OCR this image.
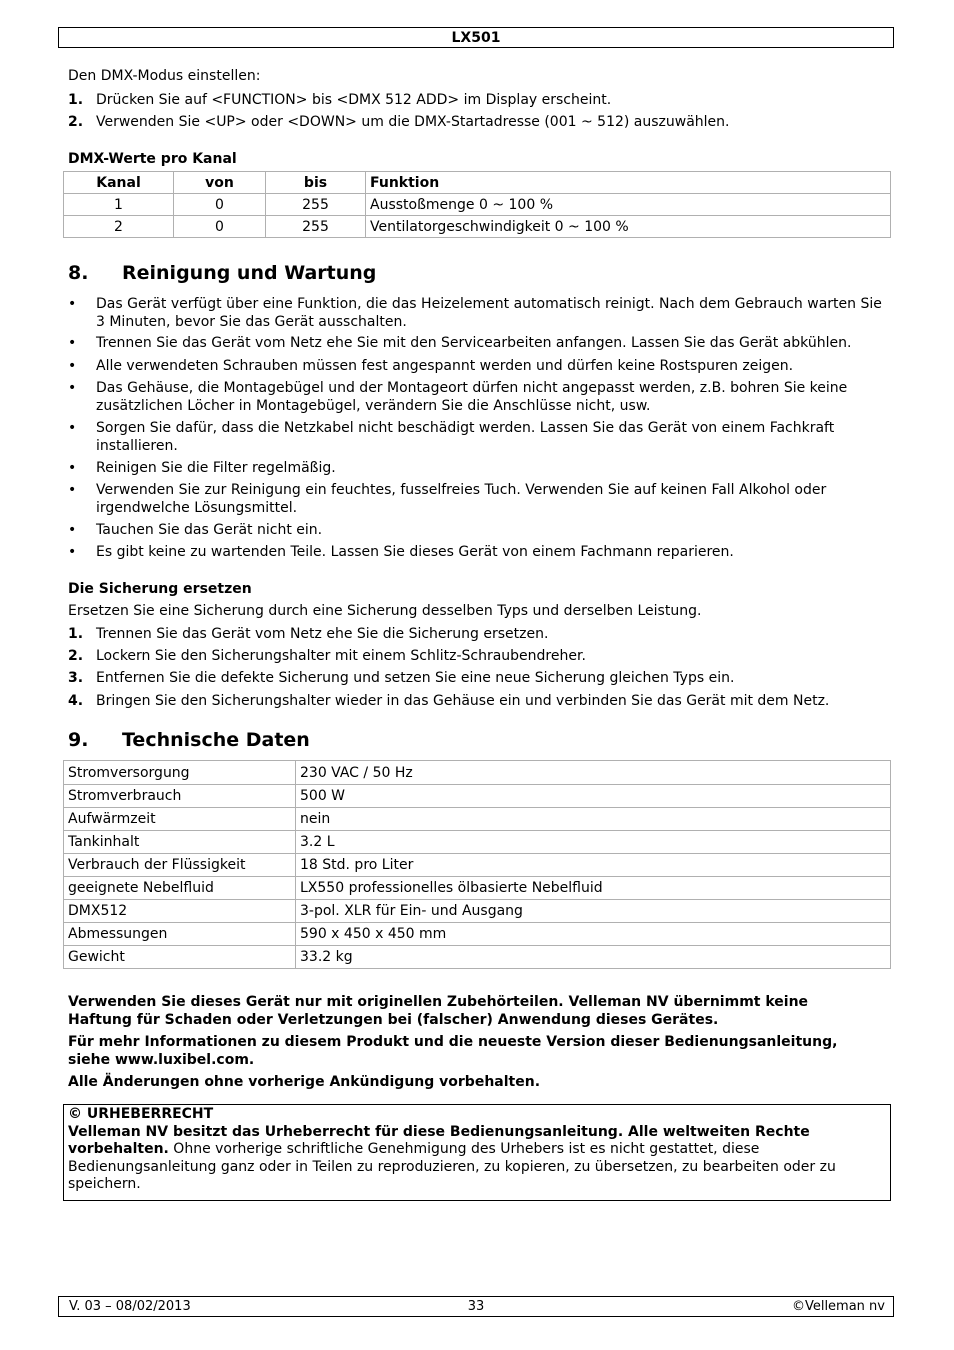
LX501
Den DMX-Modus einstellen:
1. Drücken Sie auf <FUNCTION> bis <DMX 512 ADD> im Display erscheint.
2. Verwenden Sie <UP> oder <DOWN> um die DMX-Startadresse (001 ~ 512) auszuwählen.
DMX-Werte pro Kanal
Kanal	von	bis	Funktion
1	0	255	Ausstoßmenge 0 ~ 100 %
2	0	255	Ventilatorgeschwindigkeit 0 ~ 100 %
8. Reinigung und Wartung
• Das Gerät verfügt über eine Funktion, die das Heizelement automatisch reinigt. Nach dem Gebrauch warten Sie 3 Minuten, bevor Sie das Gerät ausschalten.
• Trennen Sie das Gerät vom Netz ehe Sie mit den Servicearbeiten anfangen. Lassen Sie das Gerät abkühlen.
• Alle verwendeten Schrauben müssen fest angespannt werden und dürfen keine Rostspuren zeigen.
• Das Gehäuse, die Montagebügel und der Montageort dürfen nicht angepasst werden, z.B. bohren Sie keine zusätzlichen Löcher in Montagebügel, verändern Sie die Anschlüsse nicht, usw.
• Sorgen Sie dafür, dass die Netzkabel nicht beschädigt werden. Lassen Sie das Gerät von einem Fachkraft installieren.
• Reinigen Sie die Filter regelmäßig.
• Verwenden Sie zur Reinigung ein feuchtes, fusselfreies Tuch. Verwenden Sie auf keinen Fall Alkohol oder irgendwelche Lösungsmittel.
• Tauchen Sie das Gerät nicht ein.
• Es gibt keine zu wartenden Teile. Lassen Sie dieses Gerät von einem Fachmann reparieren.
Die Sicherung ersetzen
Ersetzen Sie eine Sicherung durch eine Sicherung desselben Typs und derselben Leistung.
1. Trennen Sie das Gerät vom Netz ehe Sie die Sicherung ersetzen.
2. Lockern Sie den Sicherungshalter mit einem Schlitz-Schraubendreher.
3. Entfernen Sie die defekte Sicherung und setzen Sie eine neue Sicherung gleichen Typs ein.
4. Bringen Sie den Sicherungshalter wieder in das Gehäuse ein und verbinden Sie das Gerät mit dem Netz.
9. Technische Daten
Stromversorgung	230 VAC / 50 Hz
Stromverbrauch	500 W
Aufwärmzeit	nein
Tankinhalt	3.2 L
Verbrauch der Flüssigkeit	18 Std. pro Liter
geeignete Nebelfluid	LX550 professionelles ölbasierte Nebelfluid
DMX512	3-pol. XLR für Ein- und Ausgang
Abmessungen	590 x 450 x 450 mm
Gewicht	33.2 kg
Verwenden Sie dieses Gerät nur mit originellen Zubehörteilen. Velleman NV übernimmt keine Haftung für Schaden oder Verletzungen bei (falscher) Anwendung dieses Gerätes.
Für mehr Informationen zu diesem Produkt und die neueste Version dieser Bedienungsanleitung, siehe www.luxibel.com.
Alle Änderungen ohne vorherige Ankündigung vorbehalten.
© URHEBERRECHT
Velleman NV besitzt das Urheberrecht für diese Bedienungsanleitung. Alle weltweiten Rechte vorbehalten. Ohne vorherige schriftliche Genehmigung des Urhebers ist es nicht gestattet, diese Bedienungsanleitung ganz oder in Teilen zu reproduzieren, zu kopieren, zu übersetzen, zu bearbeiten oder zu speichern.
V. 03 – 08/02/2013	33	©Velleman nv
